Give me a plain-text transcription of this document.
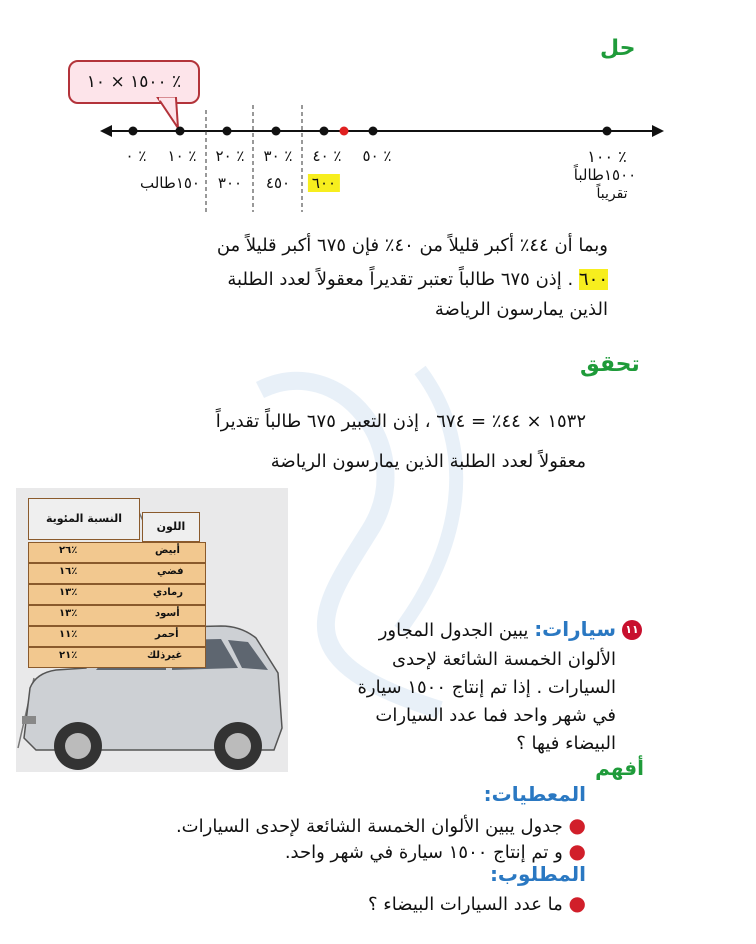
حل
١٥٠٠ × ١٠ ٪
٠ ٪ ١٠ ٪ ٢٠ ٪ ٣٠ ٪ ٤٠ ٪ ٥٠ ٪	١٠٠ ٪
١٥٠طالب ٣٠٠ ٤٥٠ ٦٠٠	١٥٠٠طالباً
تقريباً
وبما أن ٤٤٪ أكبر قليلاً من ٤٠٪ فإن ٦٧٥ أكبر قليلاً من
٦٠٠ . إذن ٦٧٥ طالباً تعتبر تقديراً معقولاً لعدد الطلبة
الذين يمارسون الرياضة
تحقق
١٥٣٢ × ٤٤٪ = ٦٧٤ ، إذن التعبير ٦٧٥ طالباً تقديراً
معقولاً لعدد الطلبة الذين يمارسون الرياضة
النسبة المئوية
اللون
٢٦٪	أبيض
١٦٪	فضي
١٣٪	رمادي
١٣٪	أسود
١١٪	أحمر
٢١٪	غيرذلك
١١
سيارات: يبين الجدول المجاور
الألوان الخمسة الشائعة لإحدى
السيارات . إذا تم إنتاج ١٥٠٠ سيارة
في شهر واحد فما عدد السيارات
البيضاء فيها ؟
أفهم
المعطيات:
● جدول يبين الألوان الخمسة الشائعة لإحدى السيارات.
● و تم إنتاج ١٥٠٠ سيارة في شهر واحد.
المطلوب:
● ما عدد السيارات البيضاء ؟
